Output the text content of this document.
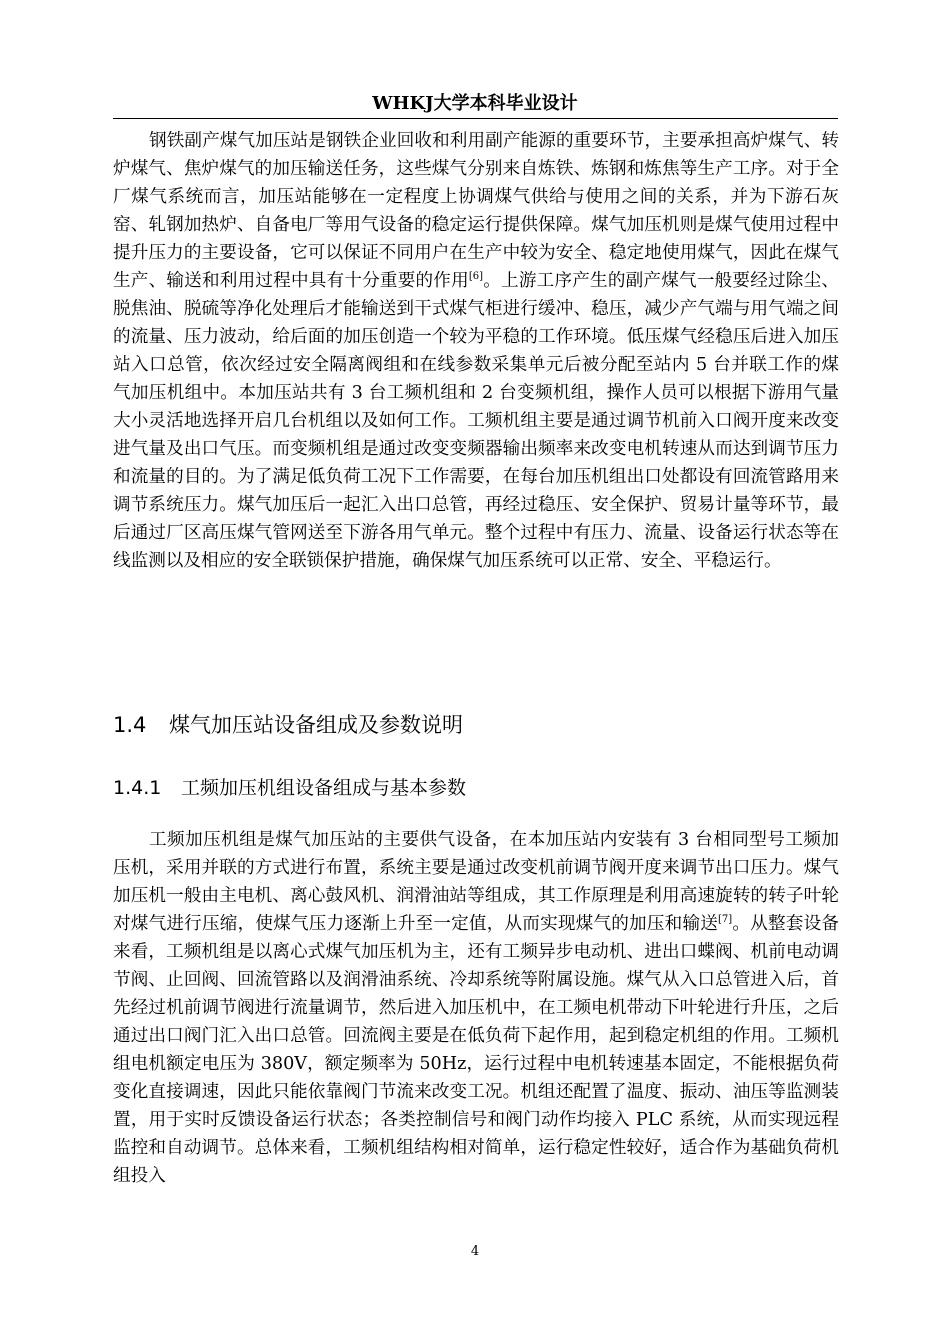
WHKJ大学本科毕业设计

钢铁副产煤气加压站是钢铁企业回收和利用副产能源的重要环节，主要承担高炉煤气、转炉煤气、焦炉煤气的加压输送任务，这些煤气分别来自炼铁、炼钢和炼焦等生产工序。对于全厂煤气系统而言，加压站能够在一定程度上协调煤气供给与使用之间的关系，并为下游石灰窑、轧钢加热炉、自备电厂等用气设备的稳定运行提供保障。煤气加压机则是煤气使用过程中提升压力的主要设备，它可以保证不同用户在生产中较为安全、稳定地使用煤气，因此在煤气生产、输送和利用过程中具有十分重要的作用[6]。上游工序产生的副产煤气一般要经过除尘、脱焦油、脱硫等净化处理后才能输送到干式煤气柜进行缓冲、稳压，减少产气端与用气端之间的流量、压力波动，给后面的加压创造一个较为平稳的工作环境。低压煤气经稳压后进入加压站入口总管，依次经过安全隔离阀组和在线参数采集单元后被分配至站内 5 台并联工作的煤气加压机组中。本加压站共有 3 台工频机组和 2 台变频机组，操作人员可以根据下游用气量大小灵活地选择开启几台机组以及如何工作。工频机组主要是通过调节机前入口阀开度来改变进气量及出口气压。而变频机组是通过改变变频器输出频率来改变电机转速从而达到调节压力和流量的目的。为了满足低负荷工况下工作需要，在每台加压机组出口处都设有回流管路用来调节系统压力。煤气加压后一起汇入出口总管，再经过稳压、安全保护、贸易计量等环节，最后通过厂区高压煤气管网送至下游各用气单元。整个过程中有压力、流量、设备运行状态等在线监测以及相应的安全联锁保护措施，确保煤气加压系统可以正常、安全、平稳运行。

1.4 煤气加压站设备组成及参数说明
1.4.1 工频加压机组设备组成与基本参数

工频加压机组是煤气加压站的主要供气设备，在本加压站内安装有 3 台相同型号工频加压机，采用并联的方式进行布置，系统主要是通过改变机前调节阀开度来调节出口压力。煤气加压机一般由主电机、离心鼓风机、润滑油站等组成，其工作原理是利用高速旋转的转子叶轮对煤气进行压缩，使煤气压力逐渐上升至一定值，从而实现煤气的加压和输送[7]。从整套设备来看，工频机组是以离心式煤气加压机为主，还有工频异步电动机、进出口蝶阀、机前电动调节阀、止回阀、回流管路以及润滑油系统、冷却系统等附属设施。煤气从入口总管进入后，首先经过机前调节阀进行流量调节，然后进入加压机中，在工频电机带动下叶轮进行升压，之后通过出口阀门汇入出口总管。回流阀主要是在低负荷下起作用，起到稳定机组的作用。工频机组电机额定电压为 380V，额定频率为 50Hz，运行过程中电机转速基本固定，不能根据负荷变化直接调速，因此只能依靠阀门节流来改变工况。机组还配置了温度、振动、油压等监测装置，用于实时反馈设备运行状态；各类控制信号和阀门动作均接入 PLC 系统，从而实现远程监控和自动调节。总体来看，工频机组结构相对简单，运行稳定性较好，适合作为基础负荷机组投入

4
